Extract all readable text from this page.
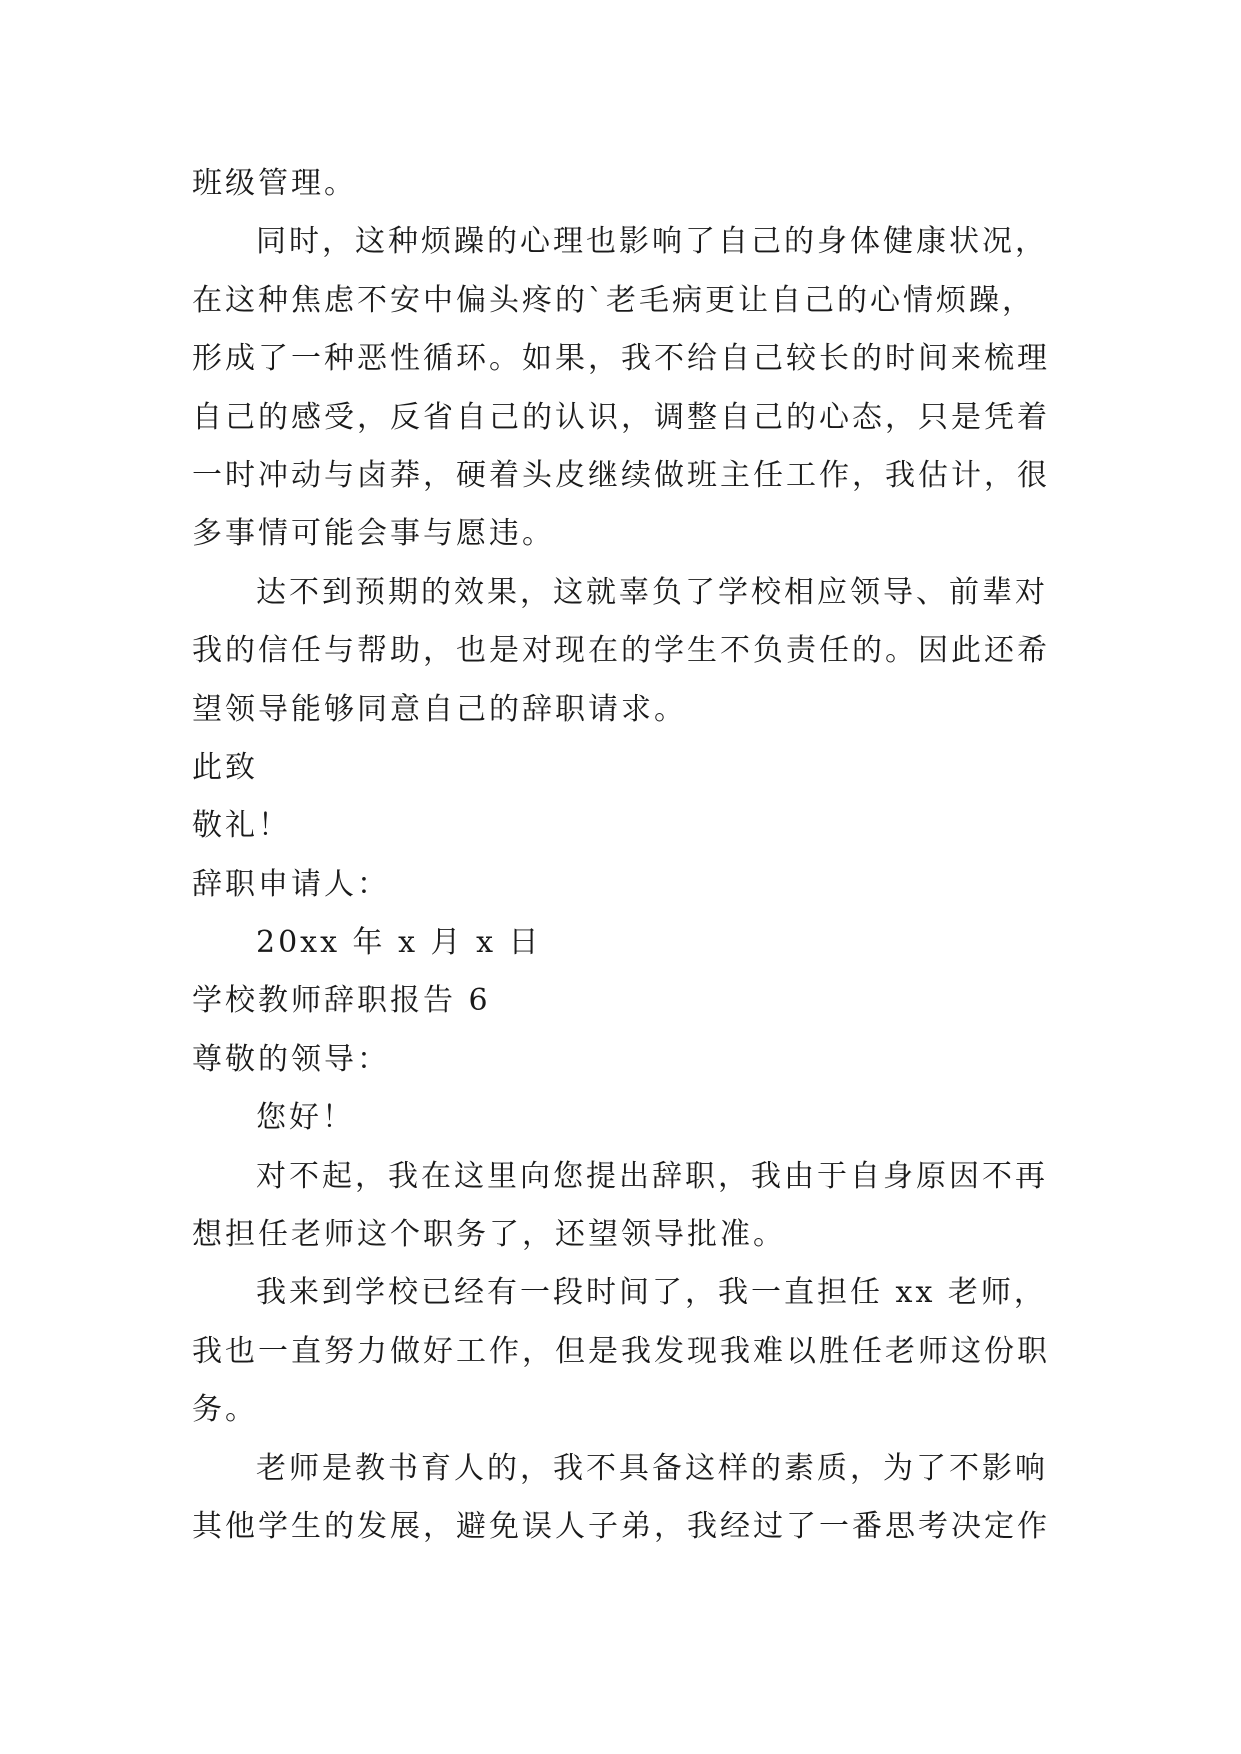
班级管理。
同时，这种烦躁的心理也影响了自己的身体健康状况，
在这种焦虑不安中偏头疼的`老毛病更让自己的心情烦躁，
形成了一种恶性循环。如果，我不给自己较长的时间来梳理
自己的感受，反省自己的认识，调整自己的心态，只是凭着
一时冲动与卤莽，硬着头皮继续做班主任工作，我估计，很
多事情可能会事与愿违。
达不到预期的效果，这就辜负了学校相应领导、前辈对
我的信任与帮助，也是对现在的学生不负责任的。因此还希
望领导能够同意自己的辞职请求。
此致
敬礼！
辞职申请人：
20xx 年 x 月 x 日
学校教师辞职报告 6
尊敬的领导：
您好！
对不起，我在这里向您提出辞职，我由于自身原因不再
想担任老师这个职务了，还望领导批准。
我来到学校已经有一段时间了，我一直担任 xx 老师，
我也一直努力做好工作，但是我发现我难以胜任老师这份职
务。
老师是教书育人的，我不具备这样的素质，为了不影响
其他学生的发展，避免误人子弟，我经过了一番思考决定作
